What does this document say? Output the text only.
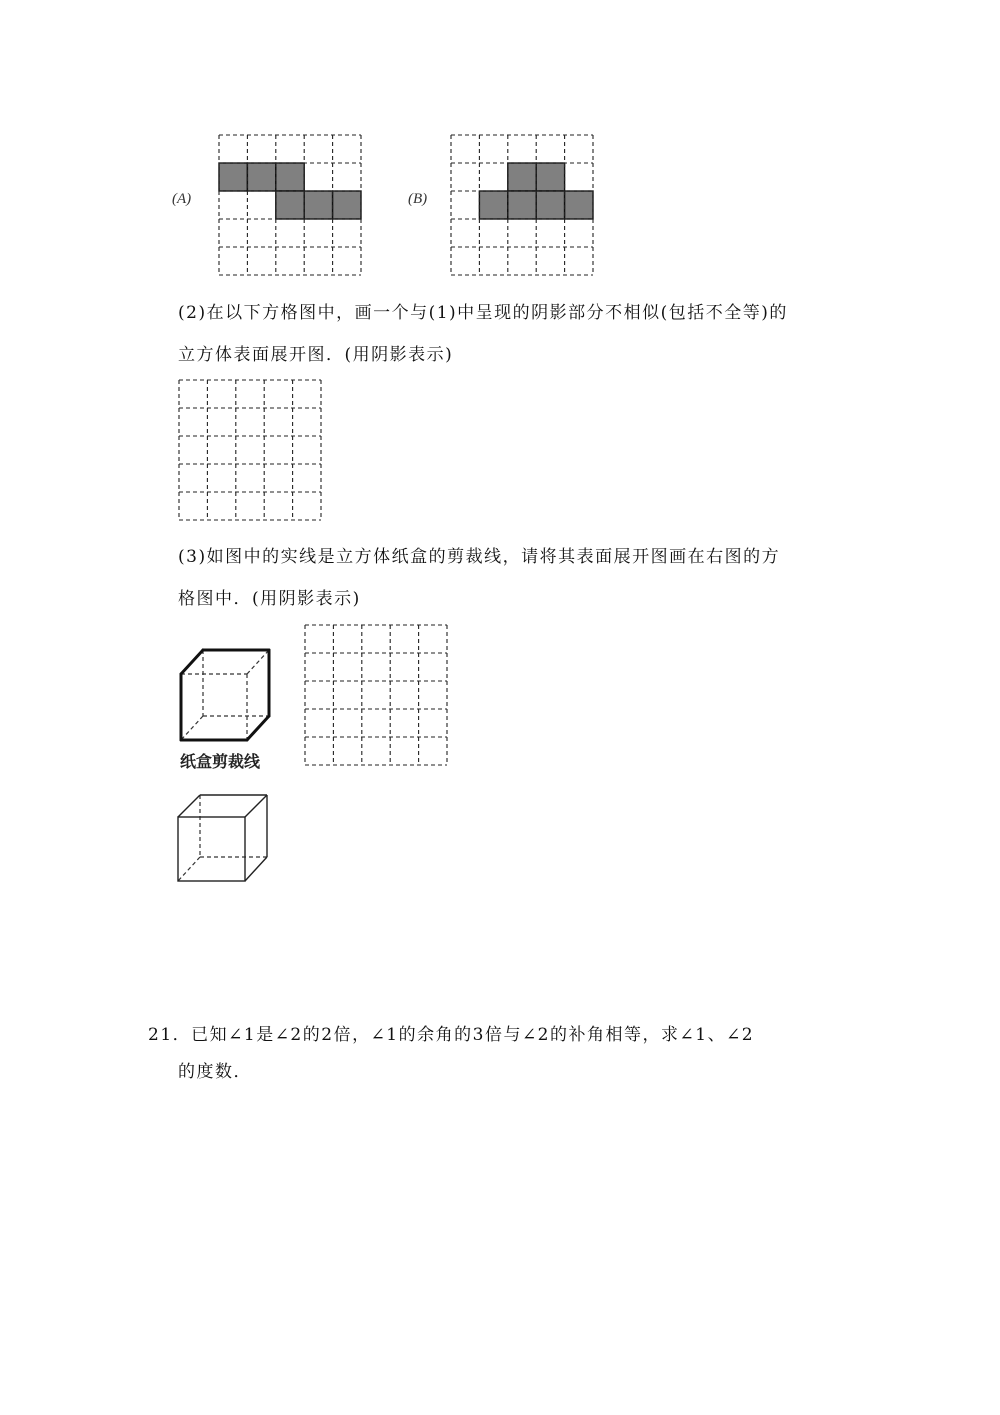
(A)	(B)
(2)在以下方格图中，画一个与(1)中呈现的阴影部分不相似(包括不全等)的
立方体表面展开图．(用阴影表示)
(3)如图中的实线是立方体纸盒的剪裁线，请将其表面展开图画在右图的方
格图中．(用阴影表示)
纸盒剪裁线
21．已知∠1是∠2的2倍，∠1的余角的3倍与∠2的补角相等，求∠1、∠2
的度数．
